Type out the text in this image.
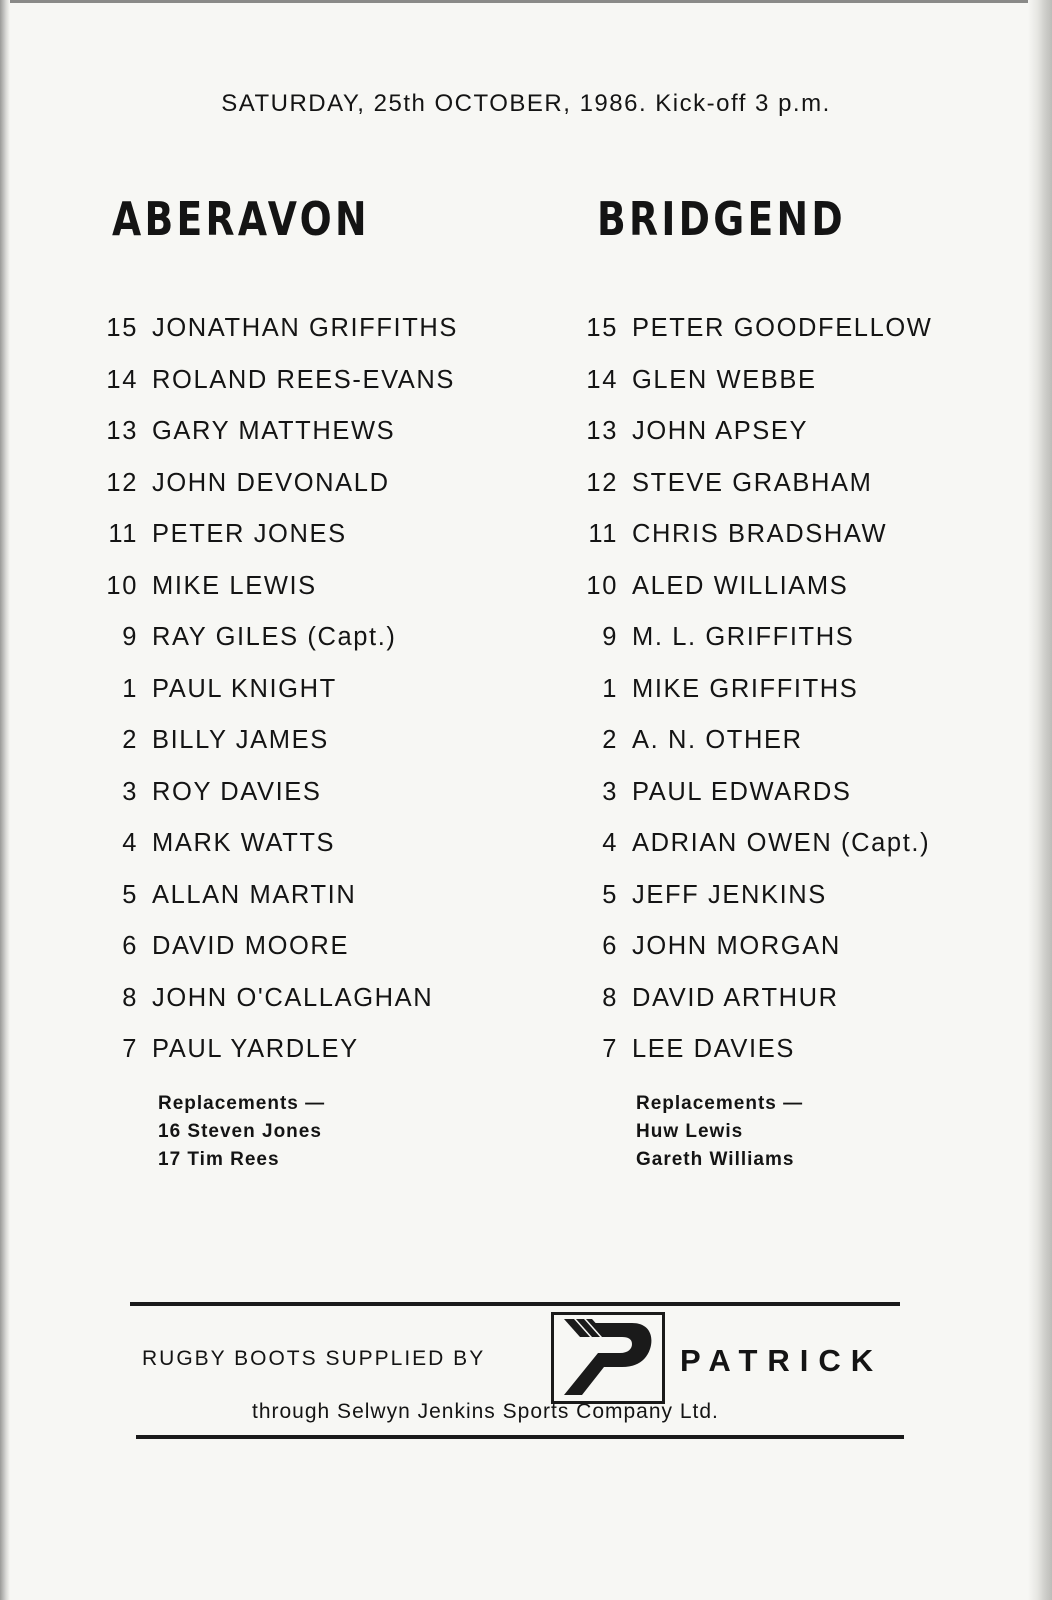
SATURDAY, 25th OCTOBER, 1986. Kick-off 3 p.m.
ABERAVON	BRIDGEND
15 JONATHAN GRIFFITHS
14 ROLAND REES-EVANS
13 GARY MATTHEWS
12 JOHN DEVONALD
11 PETER JONES
10 MIKE LEWIS
9 RAY GILES (Capt.)
1 PAUL KNIGHT
2 BILLY JAMES
3 ROY DAVIES
4 MARK WATTS
5 ALLAN MARTIN
6 DAVID MOORE
8 JOHN O'CALLAGHAN
7 PAUL YARDLEY
15 PETER GOODFELLOW
14 GLEN WEBBE
13 JOHN APSEY
12 STEVE GRABHAM
11 CHRIS BRADSHAW
10 ALED WILLIAMS
9 M. L. GRIFFITHS
1 MIKE GRIFFITHS
2 A. N. OTHER
3 PAUL EDWARDS
4 ADRIAN OWEN (Capt.)
5 JEFF JENKINS
6 JOHN MORGAN
8 DAVID ARTHUR
7 LEE DAVIES
Replacements —
16 Steven Jones
17 Tim Rees
Replacements —
Huw Lewis
Gareth Williams
RUGBY BOOTS SUPPLIED BY	PATRICK
through Selwyn Jenkins Sports Company Ltd.
